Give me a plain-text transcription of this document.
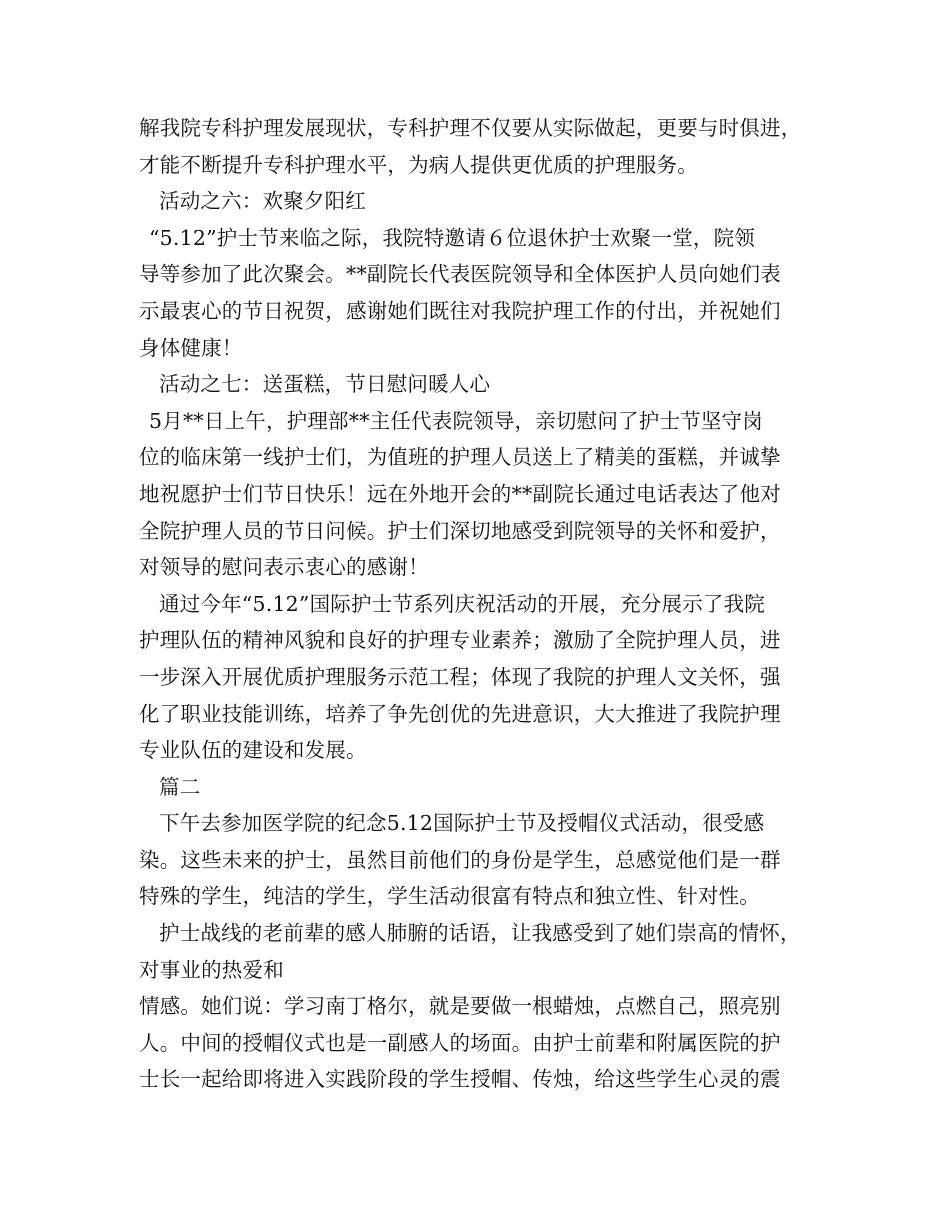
解我院专科护理发展现状，专科护理不仅要从实际做起，更要与时俱进，
才能不断提升专科护理水平，为病人提供更优质的护理服务。
活动之六：欢聚夕阳红
“5.12”护士节来临之际，我院特邀请６位退休护士欢聚一堂，院领
导等参加了此次聚会。**副院长代表医院领导和全体医护人员向她们表
示最衷心的节日祝贺，感谢她们既往对我院护理工作的付出，并祝她们
身体健康！
活动之七：送蛋糕，节日慰问暖人心
5月**日上午，护理部**主任代表院领导，亲切慰问了护士节坚守岗
位的临床第一线护士们，为值班的护理人员送上了精美的蛋糕，并诚挚
地祝愿护士们节日快乐！远在外地开会的**副院长通过电话表达了他对
全院护理人员的节日问候。护士们深切地感受到院领导的关怀和爱护，
对领导的慰问表示衷心的感谢！
通过今年“5.12”国际护士节系列庆祝活动的开展，充分展示了我院
护理队伍的精神风貌和良好的护理专业素养；激励了全院护理人员，进
一步深入开展优质护理服务示范工程；体现了我院的护理人文关怀，强
化了职业技能训练，培养了争先创优的先进意识，大大推进了我院护理
专业队伍的建设和发展。
篇二
下午去参加医学院的纪念5.12国际护士节及授帽仪式活动，很受感
染。这些未来的护士，虽然目前他们的身份是学生，总感觉他们是一群
特殊的学生，纯洁的学生，学生活动很富有特点和独立性、针对性。
护士战线的老前辈的感人肺腑的话语，让我感受到了她们崇高的情怀，
对事业的热爱和
情感。她们说：学习南丁格尔，就是要做一根蜡烛，点燃自己，照亮别
人。中间的授帽仪式也是一副感人的场面。由护士前辈和附属医院的护
士长一起给即将进入实践阶段的学生授帽、传烛，给这些学生心灵的震
